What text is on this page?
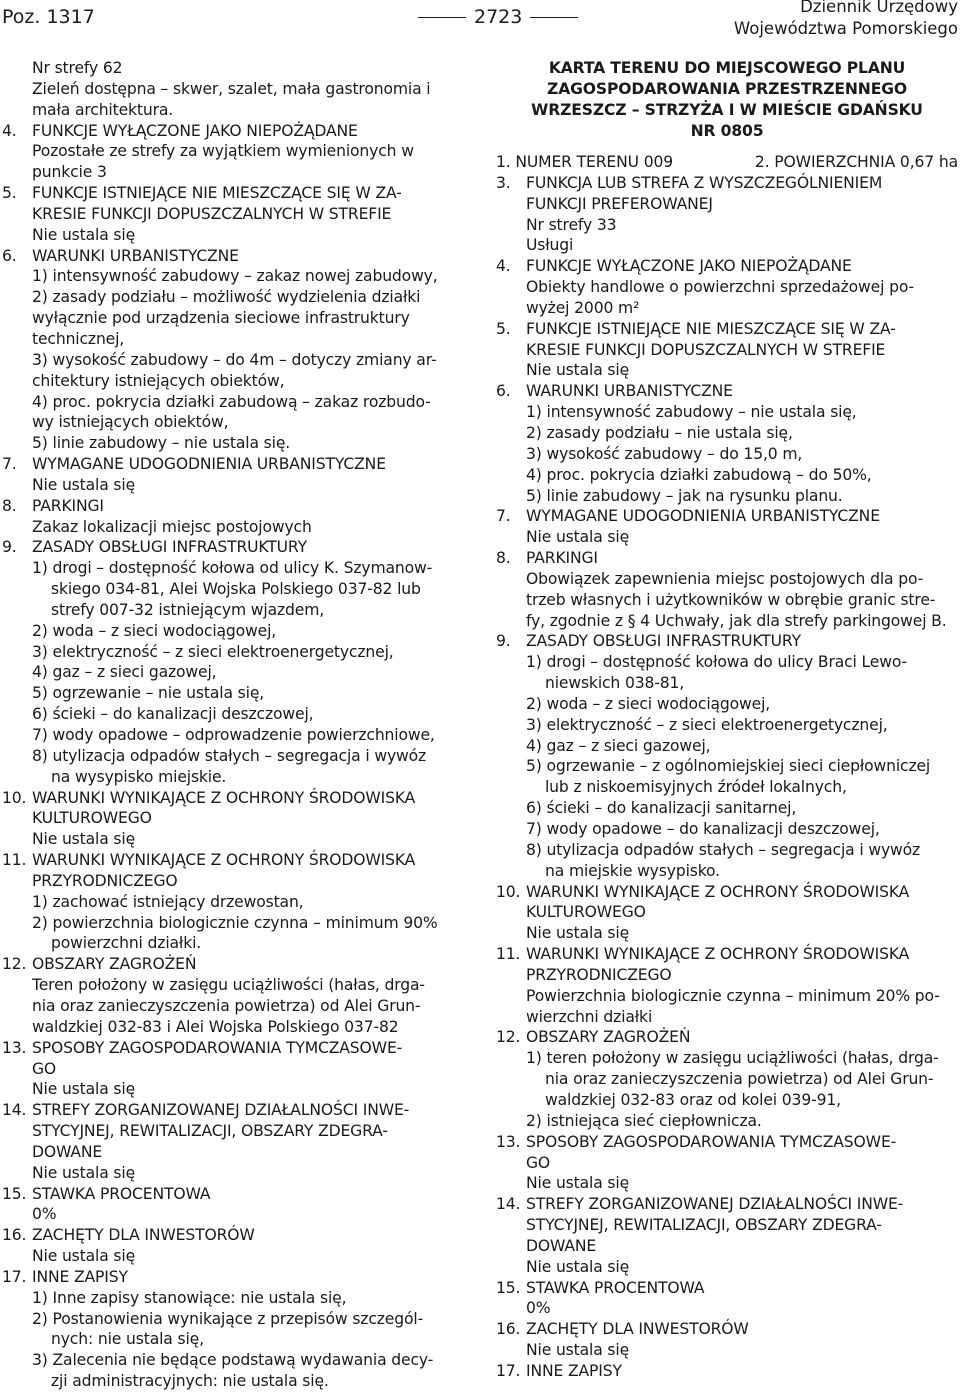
Poz. 1317	2723	Dziennik Urzędowy
Województwa Pomorskiego
Nr strefy 62
Zieleń dostępna – skwer, szalet, mała gastronomia i
mała architektura.
4. FUNKCJE WYŁĄCZONE JAKO NIEPOŻĄDANE
Pozostałe ze strefy za wyjątkiem wymienionych w
punkcie 3
5. FUNKCJE ISTNIEJĄCE NIE MIESZCZĄCE SIĘ W ZA-
KRESIE FUNKCJI DOPUSZCZALNYCH W STREFIE
Nie ustala się
6. WARUNKI URBANISTYCZNE
1) intensywność zabudowy – zakaz nowej zabudowy,
2) zasady podziału – możliwość wydzielenia działki
wyłącznie pod urządzenia sieciowe infrastruktury
technicznej,
3) wysokość zabudowy – do 4m – dotyczy zmiany ar-
chitektury istniejących obiektów,
4) proc. pokrycia działki zabudową – zakaz rozbudo-
wy istniejących obiektów,
5) linie zabudowy – nie ustala się.
7. WYMAGANE UDOGODNIENIA URBANISTYCZNE
Nie ustala się
8. PARKINGI
Zakaz lokalizacji miejsc postojowych
9. ZASADY OBSŁUGI INFRASTRUKTURY
1) drogi – dostępność kołowa od ulicy K. Szymanow-
skiego 034-81, Alei Wojska Polskiego 037-82 lub
strefy 007-32 istniejącym wjazdem,
2) woda – z sieci wodociągowej,
3) elektryczność – z sieci elektroenergetycznej,
4) gaz – z sieci gazowej,
5) ogrzewanie – nie ustala się,
6) ścieki – do kanalizacji deszczowej,
7) wody opadowe – odprowadzenie powierzchniowe,
8) utylizacja odpadów stałych – segregacja i wywóz
na wysypisko miejskie.
10. WARUNKI WYNIKAJĄCE Z OCHRONY ŚRODOWISKA
KULTUROWEGO
Nie ustala się
11. WARUNKI WYNIKAJĄCE Z OCHRONY ŚRODOWISKA
PRZYRODNICZEGO
1) zachować istniejący drzewostan,
2) powierzchnia biologicznie czynna – minimum 90%
powierzchni działki.
12. OBSZARY ZAGROŻEŃ
Teren położony w zasięgu uciążliwości (hałas, drga-
nia oraz zanieczyszczenia powietrza) od Alei Grun-
waldzkiej 032-83 i Alei Wojska Polskiego 037-82
13. SPOSOBY ZAGOSPODAROWANIA TYMCZASOWE-
GO
Nie ustala się
14. STREFY ZORGANIZOWANEJ DZIAŁALNOŚCI INWE-
STYCYJNEJ, REWITALIZACJI, OBSZARY ZDEGRA-
DOWANE
Nie ustala się
15. STAWKA PROCENTOWA
0%
16. ZACHĘTY DLA INWESTORÓW
Nie ustala się
17. INNE ZAPISY
1) Inne zapisy stanowiące: nie ustala się,
2) Postanowienia wynikające z przepisów szczegól-
nych: nie ustala się,
3) Zalecenia nie będące podstawą wydawania decy-
zji administracyjnych: nie ustala się.
KARTA TERENU DO MIEJSCOWEGO PLANU
ZAGOSPODAROWANIA PRZESTRZENNEGO
WRZESZCZ – STRZYŻA I W MIEŚCIE GDAŃSKU
NR 0805
1. NUMER TERENU 009	2. POWIERZCHNIA 0,67 ha
3. FUNKCJA LUB STREFA Z WYSZCZEGÓLNIENIEM
FUNKCJI PREFEROWANEJ
Nr strefy 33
Usługi
4. FUNKCJE WYŁĄCZONE JAKO NIEPOŻĄDANE
Obiekty handlowe o powierzchni sprzedażowej po-
wyżej 2000 m²
5. FUNKCJE ISTNIEJĄCE NIE MIESZCZĄCE SIĘ W ZA-
KRESIE FUNKCJI DOPUSZCZALNYCH W STREFIE
Nie ustala się
6. WARUNKI URBANISTYCZNE
1) intensywność zabudowy – nie ustala się,
2) zasady podziału – nie ustala się,
3) wysokość zabudowy – do 15,0 m,
4) proc. pokrycia działki zabudową – do 50%,
5) linie zabudowy – jak na rysunku planu.
7. WYMAGANE UDOGODNIENIA URBANISTYCZNE
Nie ustala się
8. PARKINGI
Obowiązek zapewnienia miejsc postojowych dla po-
trzeb własnych i użytkowników w obrębie granic stre-
fy, zgodnie z § 4 Uchwały, jak dla strefy parkingowej B.
9. ZASADY OBSŁUGI INFRASTRUKTURY
1) drogi – dostępność kołowa do ulicy Braci Lewo-
niewskich 038-81,
2) woda – z sieci wodociągowej,
3) elektryczność – z sieci elektroenergetycznej,
4) gaz – z sieci gazowej,
5) ogrzewanie – z ogólnomiejskiej sieci ciepłowniczej
lub z niskoemisyjnych źródeł lokalnych,
6) ścieki – do kanalizacji sanitarnej,
7) wody opadowe – do kanalizacji deszczowej,
8) utylizacja odpadów stałych – segregacja i wywóz
na miejskie wysypisko.
10. WARUNKI WYNIKAJĄCE Z OCHRONY ŚRODOWISKA
KULTUROWEGO
Nie ustala się
11. WARUNKI WYNIKAJĄCE Z OCHRONY ŚRODOWISKA
PRZYRODNICZEGO
Powierzchnia biologicznie czynna – minimum 20% po-
wierzchni działki
12. OBSZARY ZAGROŻEŃ
1) teren położony w zasięgu uciążliwości (hałas, drga-
nia oraz zanieczyszczenia powietrza) od Alei Grun-
waldzkiej 032-83 oraz od kolei 039-91,
2) istniejąca sieć ciepłownicza.
13. SPOSOBY ZAGOSPODAROWANIA TYMCZASOWE-
GO
Nie ustala się
14. STREFY ZORGANIZOWANEJ DZIAŁALNOŚCI INWE-
STYCYJNEJ, REWITALIZACJI, OBSZARY ZDEGRA-
DOWANE
Nie ustala się
15. STAWKA PROCENTOWA
0%
16. ZACHĘTY DLA INWESTORÓW
Nie ustala się
17. INNE ZAPISY
